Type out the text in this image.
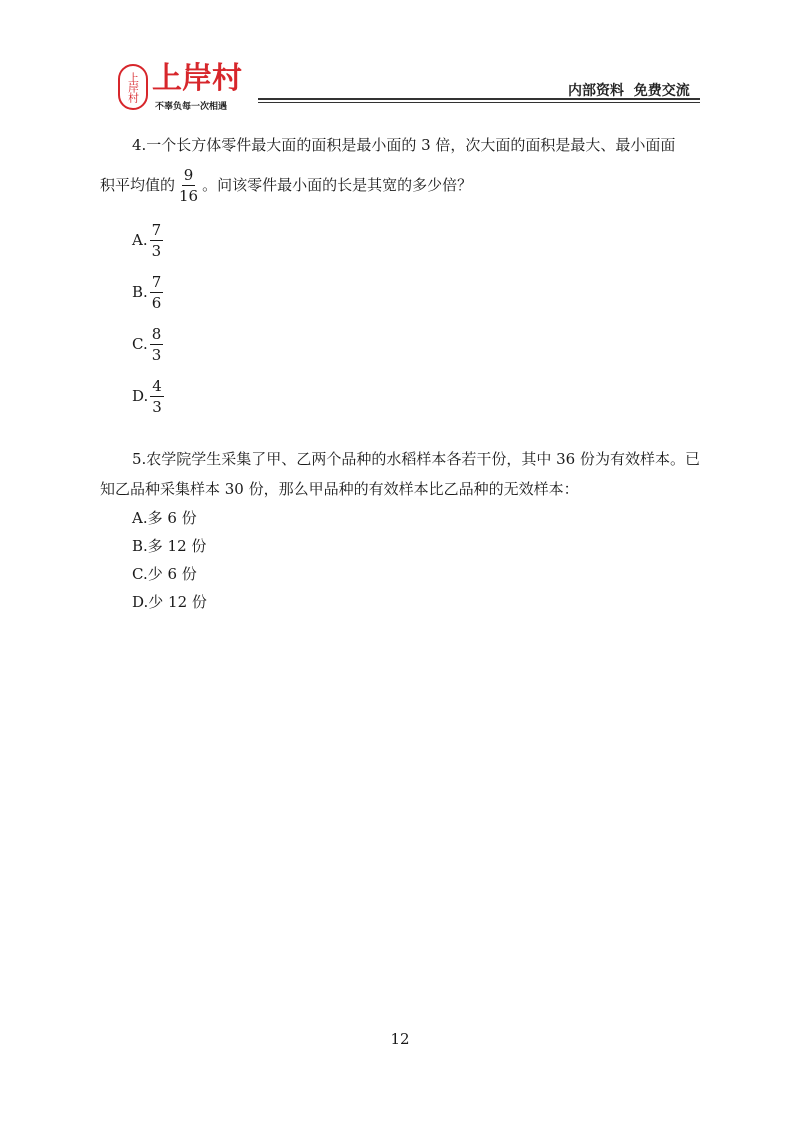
上岸村 上岸村
不辜负每一次相遇
内部资料  免费交流

4.一个长方体零件最大面的面积是最小面的 3 倍，次大面的面积是最大、最小面面

积平均值的 $\frac{9}{16}$ 。问该零件最小面的长是其宽的多少倍？
A. $\frac{7}{3}$
B. $\frac{7}{6}$
C. $\frac{8}{3}$
D. $\frac{4}{3}$

5.农学院学生采集了甲、乙两个品种的水稻样本各若干份，其中 36 份为有效样本。已知乙品种采集样本 30 份，那么甲品种的有效样本比乙品种的无效样本：

A.多 6 份
B.多 12 份
C.少 6 份
D.少 12 份
12
